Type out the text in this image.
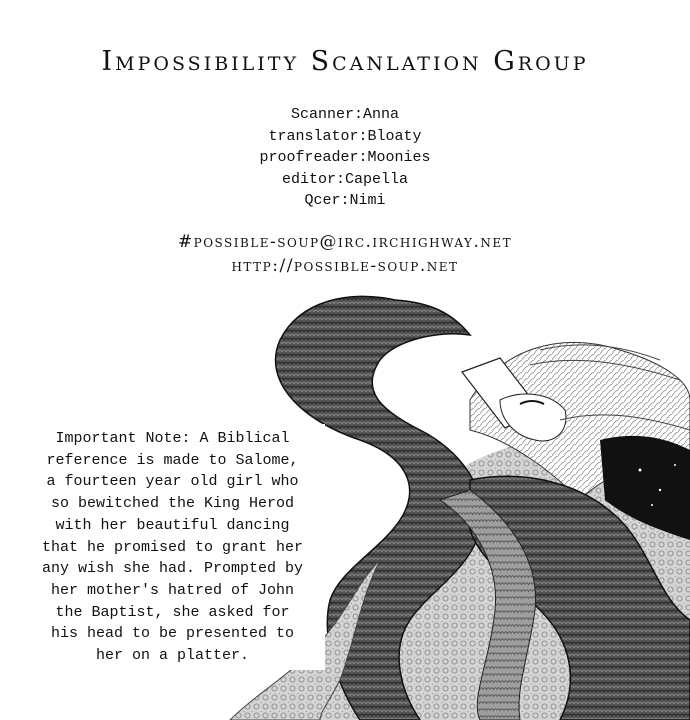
Impossibility Scanlation Group
Scanner:Anna
translator:Bloaty
proofreader:Moonies
editor:Capella
Qcer:Nimi
#possible-soup@irc.irchighway.net
http://possible-soup.net
Important Note: A Biblical
reference is made to Salome,
a fourteen year old girl who
so bewitched the King Herod
with her beautiful dancing
that he promised to grant her
any wish she had. Prompted by
her mother's hatred of John
the Baptist, she asked for
his head to be presented to
her on a platter.
